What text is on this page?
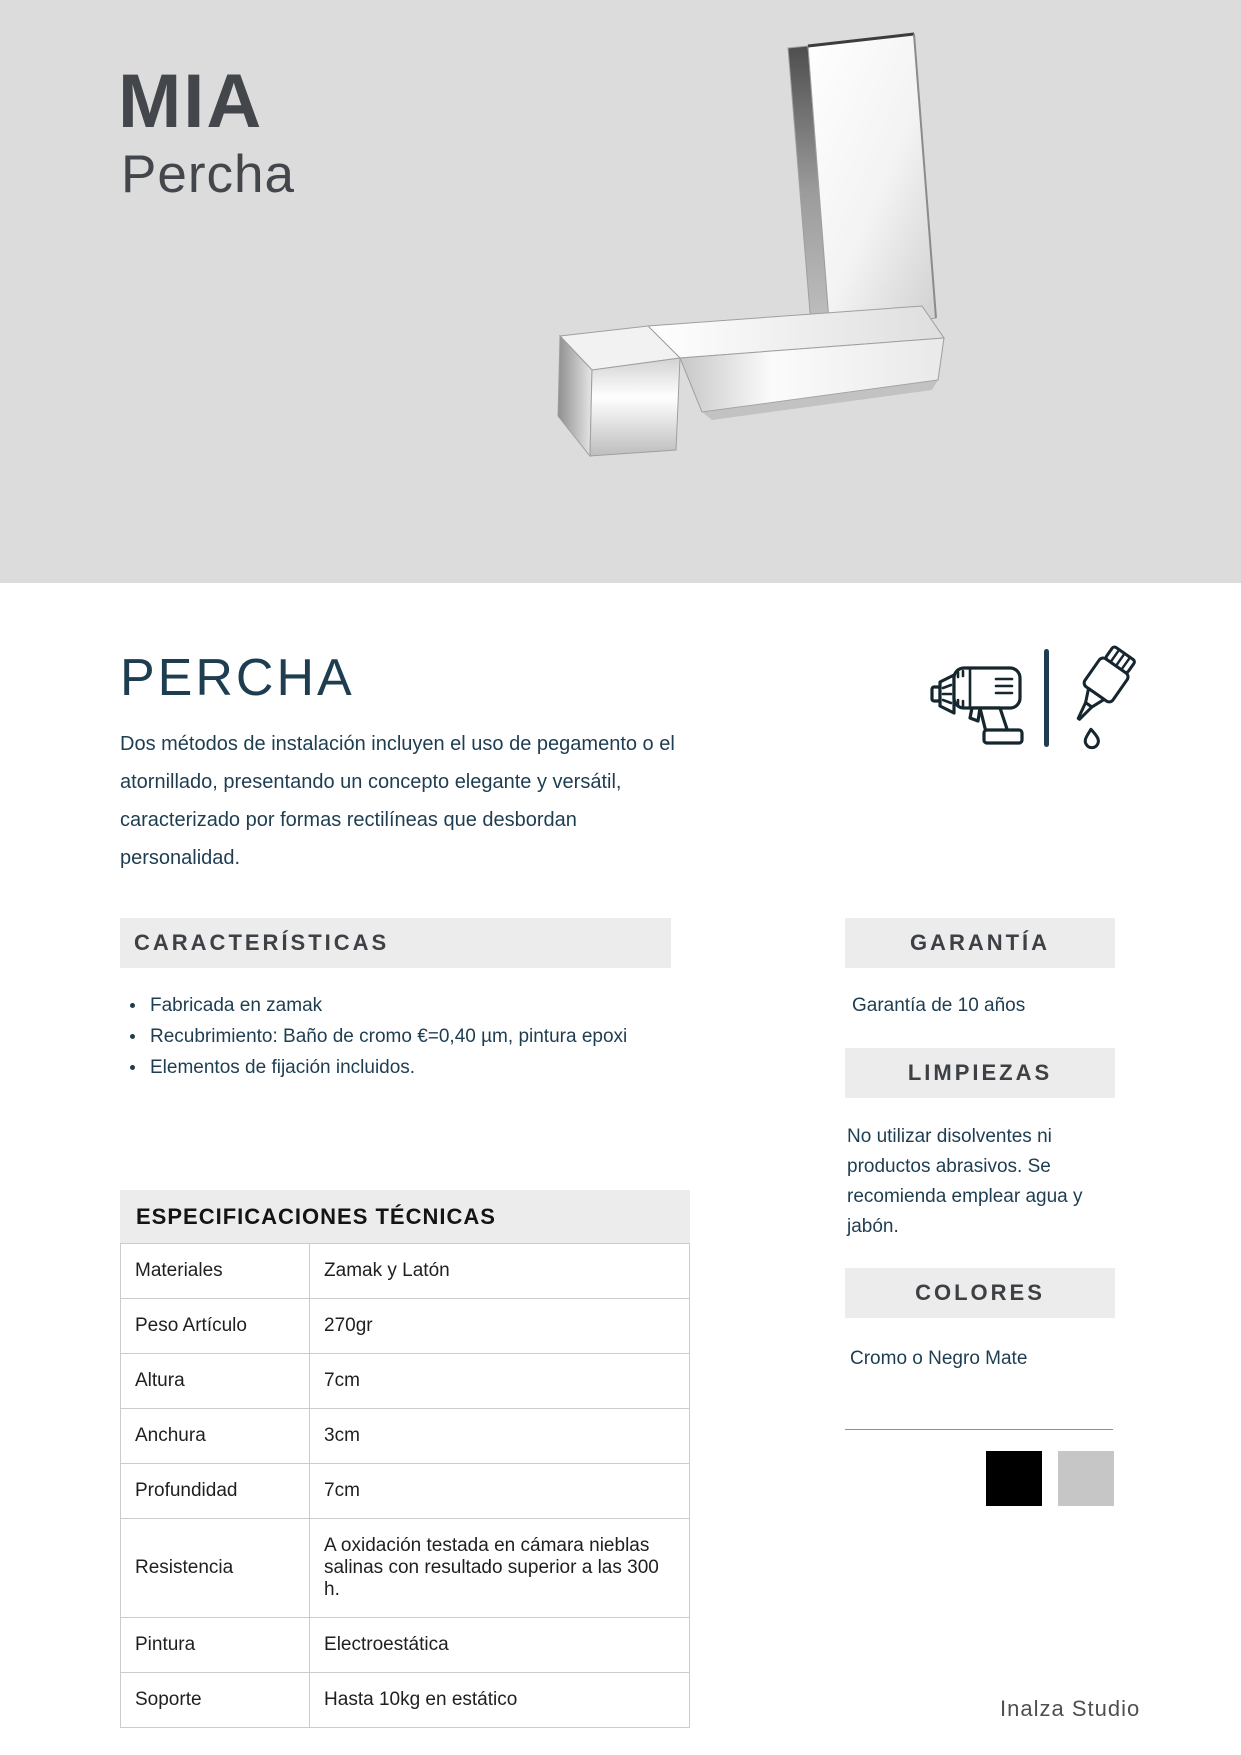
MIA
Percha
PERCHA

Dos métodos de instalación incluyen el uso de pegamento o el atornillado, presentando un concepto elegante y versátil, caracterizado por formas rectilíneas que desbordan personalidad.

CARACTERÍSTICAS
Fabricada en zamak
Recubrimiento: Baño de cromo €=0,40 µm, pintura epoxi
Elementos de fijación incluidos.
ESPECIFICACIONES TÉCNICAS
Materiales	Zamak y Latón
Peso Artículo	270gr
Altura	7cm
Anchura	3cm
Profundidad	7cm
Resistencia	A oxidación testada en cámara nieblas salinas con resultado superior a las 300 h.
Pintura	Electroestática
Soporte	Hasta 10kg en estático
GARANTÍA
Garantía de 10 años
LIMPIEZAS
No utilizar disolventes ni productos abrasivos. Se recomienda emplear agua y jabón.
COLORES
Cromo o Negro Mate
Inalza Studio
